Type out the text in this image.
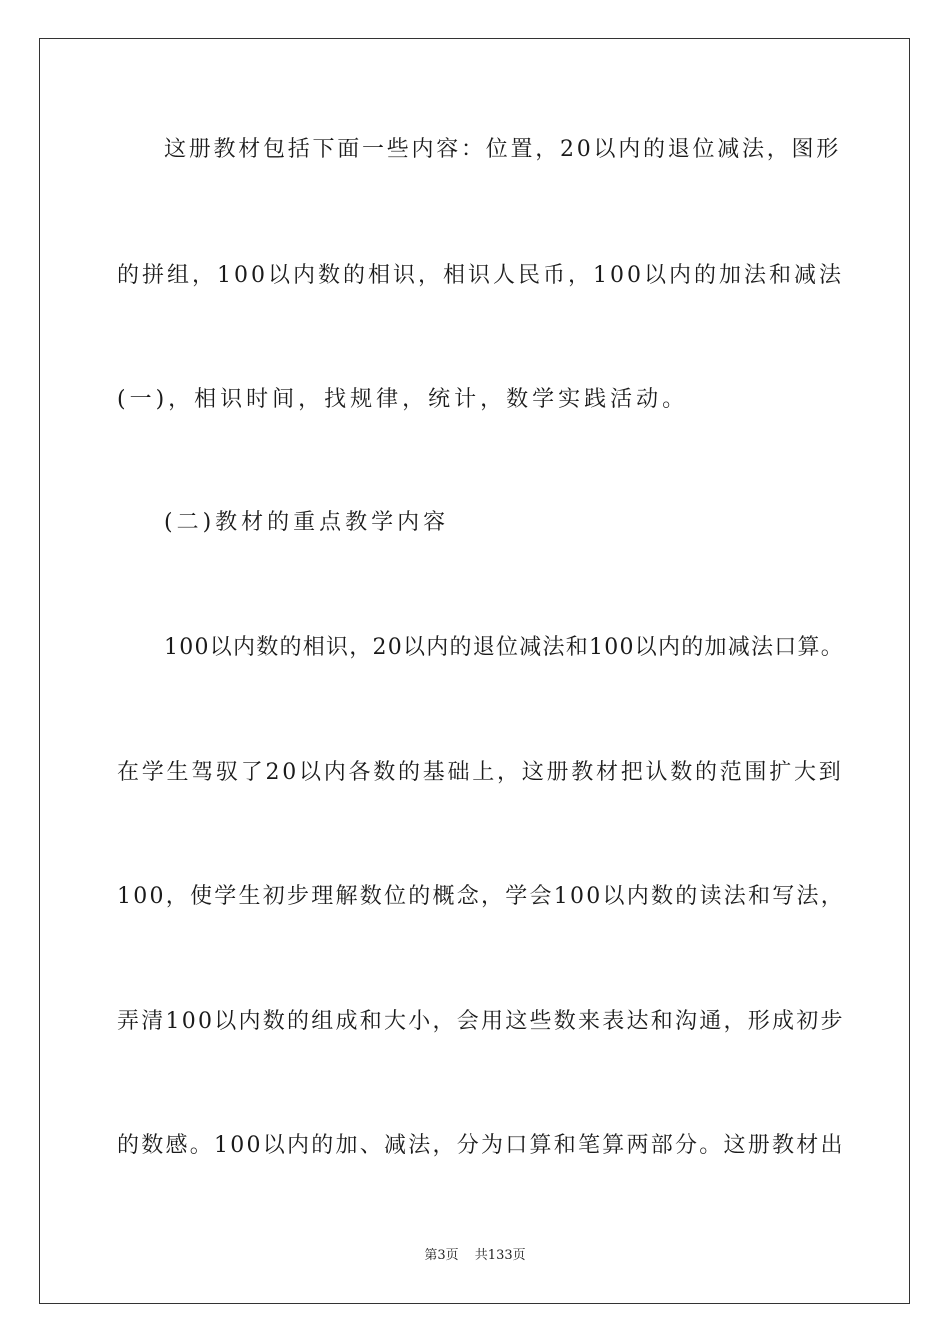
这册教材包括下面一些内容：位置，20以内的退位减法，图形
的拼组，100以内数的相识，相识人民币，100以内的加法和减法
(一)，相识时间，找规律，统计，数学实践活动。
(二)教材的重点教学内容
100以内数的相识，20以内的退位减法和100以内的加减法口算。
在学生驾驭了20以内各数的基础上，这册教材把认数的范围扩大到
100，使学生初步理解数位的概念，学会100以内数的读法和写法，
弄清100以内数的组成和大小，会用这些数来表达和沟通，形成初步
的数感。100以内的加、减法，分为口算和笔算两部分。这册教材出
第3页 共133页
